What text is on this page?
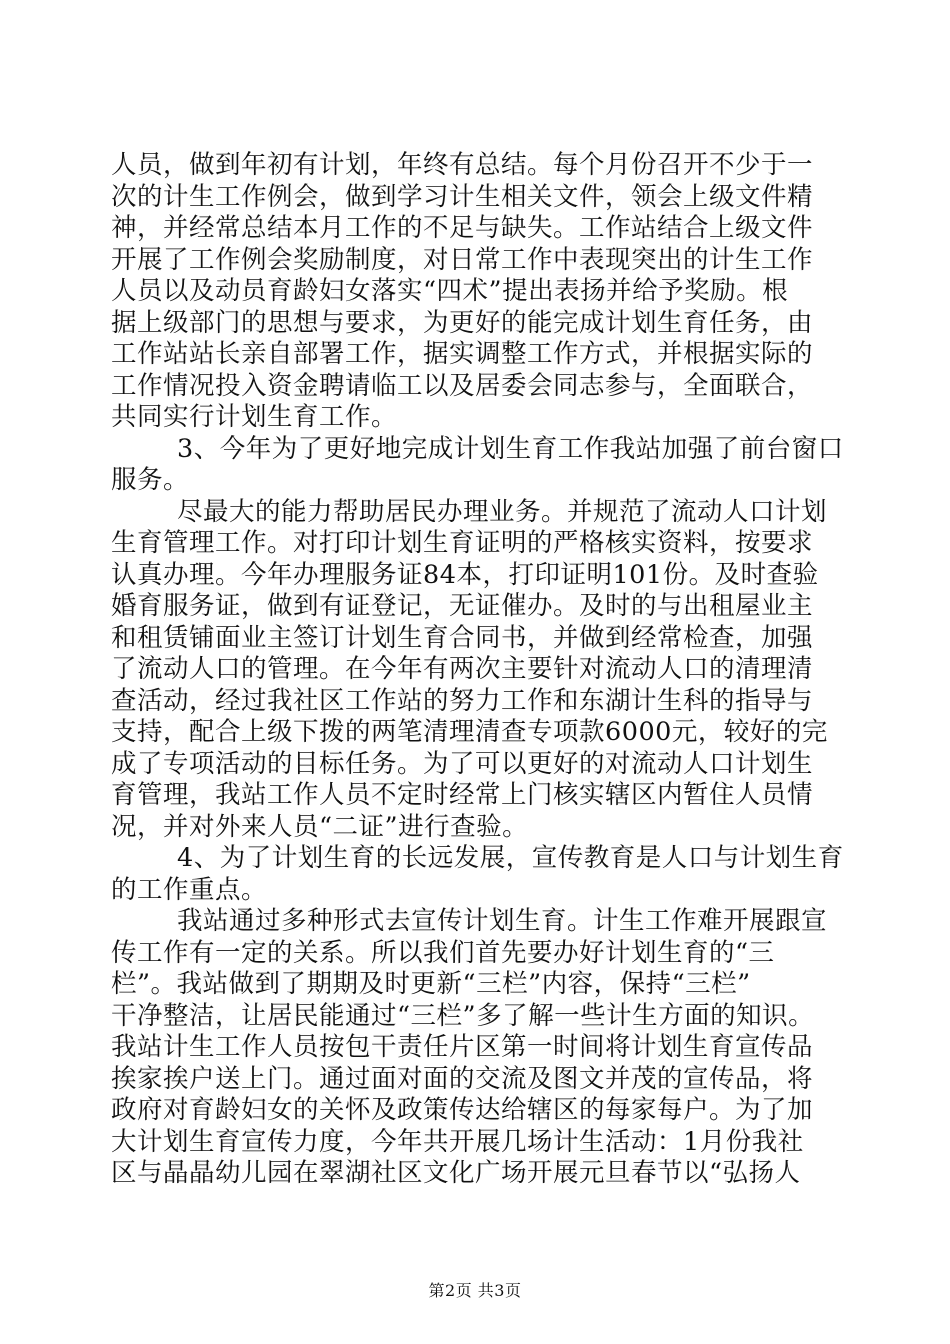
人员，做到年初有计划，年终有总结。每个月份召开不少于一
次的计生工作例会，做到学习计生相关文件，领会上级文件精
神，并经常总结本月工作的不足与缺失。工作站结合上级文件
开展了工作例会奖励制度，对日常工作中表现突出的计生工作
人员以及动员育龄妇女落实“四术”提出表扬并给予奖励。根
据上级部门的思想与要求，为更好的能完成计划生育任务，由
工作站站长亲自部署工作，据实调整工作方式，并根据实际的
工作情况投入资金聘请临工以及居委会同志参与，全面联合，
共同实行计划生育工作。
3、今年为了更好地完成计划生育工作我站加强了前台窗口
服务。
尽最大的能力帮助居民办理业务。并规范了流动人口计划
生育管理工作。对打印计划生育证明的严格核实资料，按要求
认真办理。今年办理服务证84本，打印证明101份。及时查验
婚育服务证，做到有证登记，无证催办。及时的与出租屋业主
和租赁铺面业主签订计划生育合同书，并做到经常检查，加强
了流动人口的管理。在今年有两次主要针对流动人口的清理清
查活动，经过我社区工作站的努力工作和东湖计生科的指导与
支持，配合上级下拨的两笔清理清查专项款6000元，较好的完
成了专项活动的目标任务。为了可以更好的对流动人口计划生
育管理，我站工作人员不定时经常上门核实辖区内暂住人员情
况，并对外来人员“二证”进行查验。
4、为了计划生育的长远发展，宣传教育是人口与计划生育
的工作重点。
我站通过多种形式去宣传计划生育。计生工作难开展跟宣
传工作有一定的关系。所以我们首先要办好计划生育的“三
栏”。我站做到了期期及时更新“三栏”内容，保持“三栏”
干净整洁，让居民能通过“三栏”多了解一些计生方面的知识。
我站计生工作人员按包干责任片区第一时间将计划生育宣传品
挨家挨户送上门。通过面对面的交流及图文并茂的宣传品，将
政府对育龄妇女的关怀及政策传达给辖区的每家每户。为了加
大计划生育宣传力度，今年共开展几场计生活动：1月份我社
区与晶晶幼儿园在翠湖社区文化广场开展元旦春节以“弘扬人
第2页 共3页
